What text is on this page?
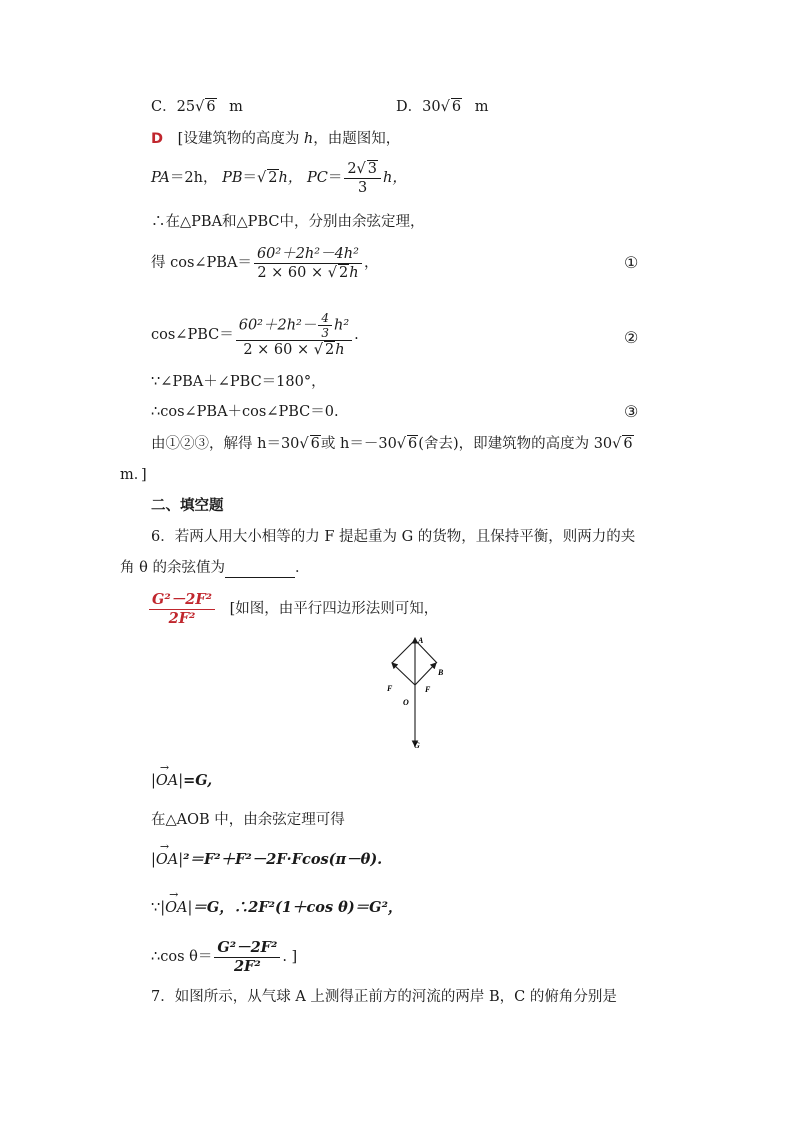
C．25√ 6 m	D．30√ 6 m
D [设建筑物的高度为 h，由题图知，
PA＝2h， PB＝√ 2h， $PC= \frac{2√ 3}{3}$ h，
∴在△PBA和△PBC中，分别由余弦定理，
得 cos∠PBA＝ $\frac{\text{60²＋2h²－4h²}}{2 \times 60 \times √ 2h}$ ，	①
cos∠PBC＝ $\frac{60^2+2h^2- \frac{4}{3} h^2}{2 \times 60 \times √ 2h}$ .	②
∵∠PBA＋∠PBC＝180°，
∴cos∠PBA＋cos∠PBC＝0.	③
由①②③，解得 h＝30√ 6或 h＝－30√ 6(舍去)，即建筑物的高度为 30√ 6
m．]
二、填空题
6．若两人用大小相等的力 F 提起重为 G 的货物，且保持平衡，则两力的夹
角 θ 的余弦值为	．
$\frac{\text{G²－2F²}}{\text{2F²}}$ [如图，由平行四边形法则可知，
A
B
O
F	F
G
|→ OA|=G,
在△AOB 中，由余弦定理可得
|→ OA|²＝F²＋F²－2F·Fcos(π－θ).
∵|→ OA|＝G，∴2F²(1＋cos θ)＝G²，
∴cos $\theta= \frac{\text{G²－2F²}}{\text{2F²}}$ . ]
7．如图所示，从气球 A 上测得正前方的河流的两岸 B，C 的俯角分别是
